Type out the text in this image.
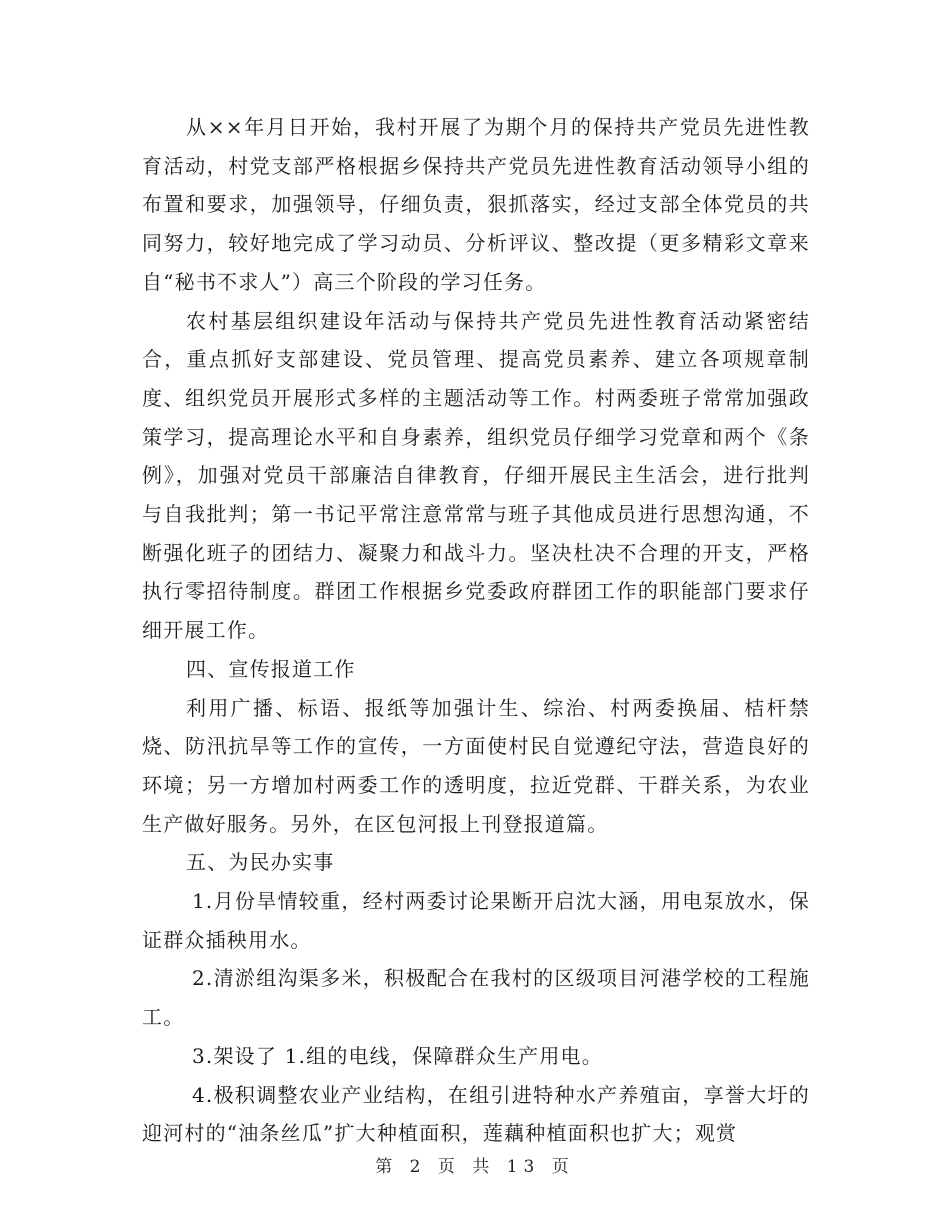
从××年月日开始，我村开展了为期个月的保持共产党员先进性教育活动，村党支部严格根据乡保持共产党员先进性教育活动领导小组的布置和要求，加强领导，仔细负责，狠抓落实，经过支部全体党员的共同努力，较好地完成了学习动员、分析评议、整改提（更多精彩文章来自“秘书不求人”）高三个阶段的学习任务。

农村基层组织建设年活动与保持共产党员先进性教育活动紧密结合，重点抓好支部建设、党员管理、提高党员素养、建立各项规章制度、组织党员开展形式多样的主题活动等工作。村两委班子常常加强政策学习，提高理论水平和自身素养，组织党员仔细学习党章和两个《条例》，加强对党员干部廉洁自律教育，仔细开展民主生活会，进行批判与自我批判；第一书记平常注意常常与班子其他成员进行思想沟通，不断强化班子的团结力、凝聚力和战斗力。坚决杜决不合理的开支，严格执行零招待制度。群团工作根据乡党委政府群团工作的职能部门要求仔细开展工作。

四、宣传报道工作

利用广播、标语、报纸等加强计生、综治、村两委换届、桔杆禁烧、防汛抗旱等工作的宣传，一方面使村民自觉遵纪守法，营造良好的环境；另一方增加村两委工作的透明度，拉近党群、干群关系，为农业生产做好服务。另外，在区包河报上刊登报道篇。

五、为民办实事

1.月份旱情较重，经村两委讨论果断开启沈大涵，用电泵放水，保证群众插秧用水。

2.清淤组沟渠多米，积极配合在我村的区级项目河港学校的工程施工。

3.架设了 1.组的电线，保障群众生产用电。

4.极积调整农业产业结构，在组引进特种水产养殖亩，享誉大圩的迎河村的“油条丝瓜”扩大种植面积，莲藕种植面积也扩大；观赏

第 2 页 共 13 页
